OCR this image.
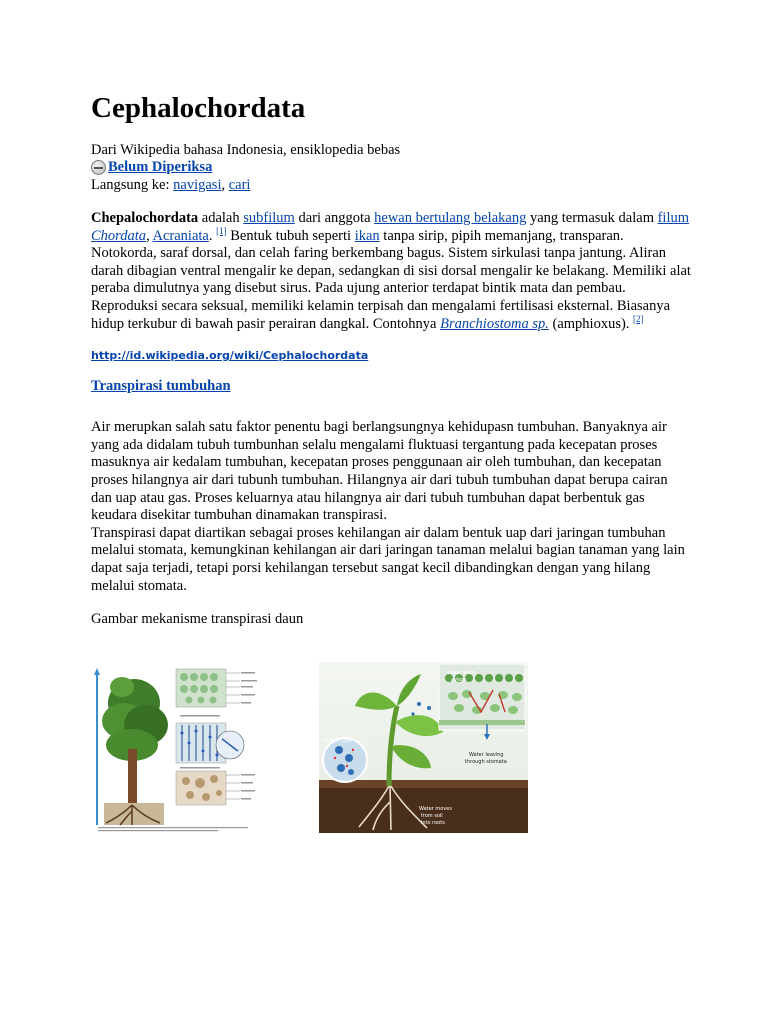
Cephalochordata
Dari Wikipedia bahasa Indonesia, ensiklopedia bebas
Belum Diperiksa
Langsung ke: navigasi, cari

Chepalochordata adalah subfilum dari anggota hewan bertulang belakang yang termasuk dalam filum Chordata, Acraniata. [1] Bentuk tubuh seperti ikan tanpa sirip, pipih memanjang, transparan. Notokorda, saraf dorsal, dan celah faring berkembang bagus. Sistem sirkulasi tanpa jantung. Aliran darah dibagian ventral mengalir ke depan, sedangkan di sisi dorsal mengalir ke belakang. Memiliki alat peraba dimulutnya yang disebut sirus. Pada ujung anterior terdapat bintik mata dan pembau. Reproduksi secara seksual, memiliki kelamin terpisah dan mengalami fertilisasi eksternal. Biasanya hidup terkubur di bawah pasir perairan dangkal. Contohnya Branchiostoma sp. (amphioxus). [2]

http://id.wikipedia.org/wiki/Cephalochordata
Transpirasi tumbuhan

Air merupkan salah satu faktor penentu bagi berlangsungnya kehidupasn tumbuhan. Banyaknya air yang ada didalam tubuh tumbunhan selalu mengalami fluktuasi tergantung pada kecepatan proses masuknya air kedalam tumbuhan, kecepatan proses penggunaan air oleh tumbuhan, dan kecepatan proses hilangnya air dari tubunh tumbuhan. Hilangnya air dari tubuh tumbuhan dapat berupa cairan dan uap atau gas. Proses keluarnya atau hilangnya air dari tubuh tumbuhan dapat berbentuk gas keudara disekitar tumbuhan dinamakan transpirasi.

Transpirasi dapat diartikan sebagai proses kehilangan air dalam bentuk uap dari jaringan tumbuhan melalui stomata, kemungkinan kehilangan air dari jaringan tanaman melalui bagian tanaman yang lain dapat saja terjadi, tetapi porsi kehilangan tersebut sangat kecil dibandingkan dengan yang hilang melalui stomata.

Gambar mekanisme transpirasi daun
Water from
xylem
Xylem tube
Water leaving
through stomata
Water moves
from soil
into roots
